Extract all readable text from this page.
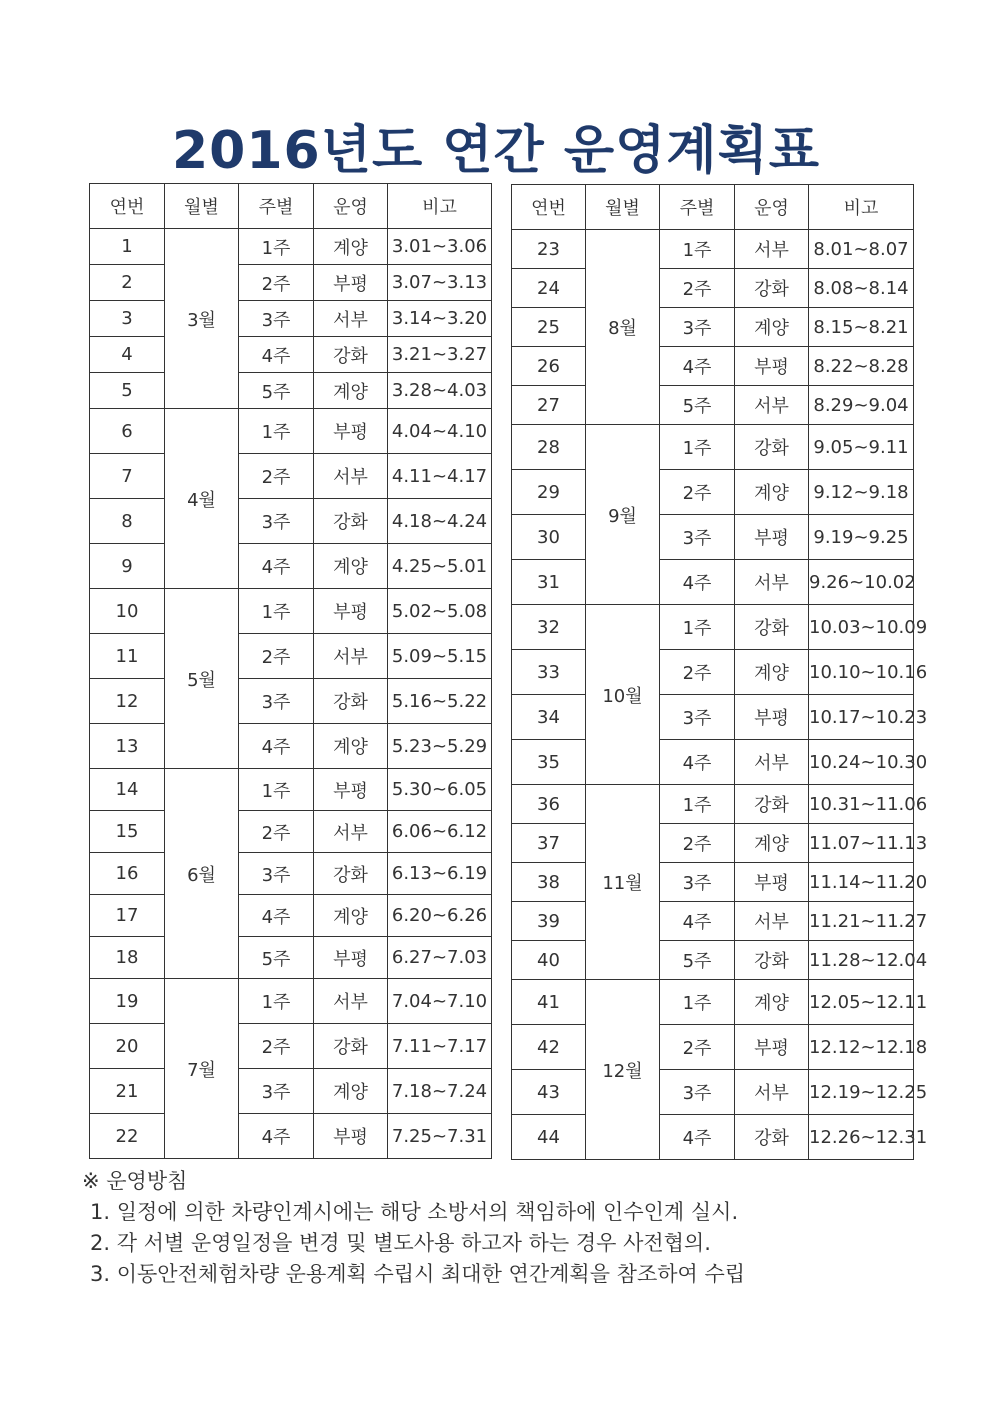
2016년도 연간 운영계획표
연번	월별	주별	운영	비고
1	3월	1주	계양	3.01~3.06
2		2주	부평	3.07~3.13
3		3주	서부	3.14~3.20
4		4주	강화	3.21~3.27
5		5주	계양	3.28~4.03
6	4월	1주	부평	4.04~4.10
7		2주	서부	4.11~4.17
8		3주	강화	4.18~4.24
9		4주	계양	4.25~5.01
10	5월	1주	부평	5.02~5.08
11		2주	서부	5.09~5.15
12		3주	강화	5.16~5.22
13		4주	계양	5.23~5.29
14	6월	1주	부평	5.30~6.05
15		2주	서부	6.06~6.12
16		3주	강화	6.13~6.19
17		4주	계양	6.20~6.26
18		5주	부평	6.27~7.03
19	7월	1주	서부	7.04~7.10
20		2주	강화	7.11~7.17
21		3주	계양	7.18~7.24
22		4주	부평	7.25~7.31
연번	월별	주별	운영	비고
23	8월	1주	서부	8.01~8.07
24		2주	강화	8.08~8.14
25		3주	계양	8.15~8.21
26		4주	부평	8.22~8.28
27		5주	서부	8.29~9.04
28	9월	1주	강화	9.05~9.11
29		2주	계양	9.12~9.18
30		3주	부평	9.19~9.25
31		4주	서부	9.26~10.02
32	10월	1주	강화	10.03~10.09
33		2주	계양	10.10~10.16
34		3주	부평	10.17~10.23
35		4주	서부	10.24~10.30
36	11월	1주	강화	10.31~11.06
37		2주	계양	11.07~11.13
38		3주	부평	11.14~11.20
39		4주	서부	11.21~11.27
40		5주	강화	11.28~12.04
41	12월	1주	계양	12.05~12.11
42		2주	부평	12.12~12.18
43		3주	서부	12.19~12.25
44		4주	강화	12.26~12.31

※ 운영방침

1. 일정에 의한 차량인계시에는 해당 소방서의 책임하에 인수인계 실시.

2. 각 서별 운영일정을 변경 및 별도사용 하고자 하는 경우 사전협의.

3. 이동안전체험차량 운용계획 수립시 최대한 연간계획을 참조하여 수립
